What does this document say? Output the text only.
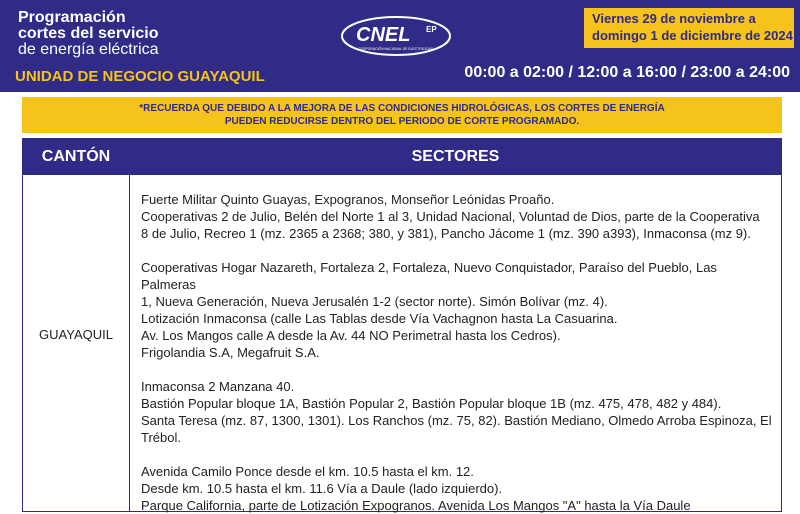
Programación
cortes del servicio
de energía eléctrica
UNIDAD DE NEGOCIO GUAYAQUIL
CNEL EP
CORPORACIÓN NACIONAL DE ELECTRICIDAD
Viernes 29 de noviembre a
domingo 1 de diciembre de 2024
00:00 a 02:00 / 12:00 a 16:00 / 23:00 a 24:00
*RECUERDA QUE DEBIDO A LA MEJORA DE LAS CONDICIONES HIDROLÓGICAS, LOS CORTES DE ENERGÍA
PUEDEN REDUCIRSE DENTRO DEL PERIODO DE CORTE PROGRAMADO.
CANTÓN	SECTORES
GUAYAQUIL
Fuerte Militar Quinto Guayas, Expogranos, Monseñor Leónidas Proaño.
Cooperativas 2 de Julio, Belén del Norte 1 al 3, Unidad Nacional, Voluntad de Dios, parte de la Cooperativa
8 de Julio, Recreo 1 (mz. 2365 a 2368; 380, y 381), Pancho Jácome 1 (mz. 390 a393), Inmaconsa (mz 9).
Cooperativas Hogar Nazareth, Fortaleza 2, Fortaleza, Nuevo Conquistador, Paraíso del Pueblo, Las Palmeras
1, Nueva Generación, Nueva Jerusalén 1-2 (sector norte). Simón Bolívar (mz. 4).
Lotización Inmaconsa (calle Las Tablas desde Vía Vachagnon hasta La Casuarina.
Av. Los Mangos calle A desde la Av. 44 NO Perimetral hasta los Cedros).
Frigolandia S.A, Megafruit S.A.
Inmaconsa 2 Manzana 40.
Bastión Popular bloque 1A, Bastión Popular 2, Bastión Popular bloque 1B (mz. 475, 478, 482 y 484).
Santa Teresa (mz. 87, 1300, 1301). Los Ranchos (mz. 75, 82). Bastión Mediano, Olmedo Arroba Espinoza, El
Trébol.
Avenida Camilo Ponce desde el km. 10.5 hasta el km. 12.
Desde km. 10.5 hasta el km. 11.6 Vía a Daule (lado izquierdo).
Parque California, parte de Lotización Expogranos. Avenida Los Mangos "A" hasta la Vía Daule
